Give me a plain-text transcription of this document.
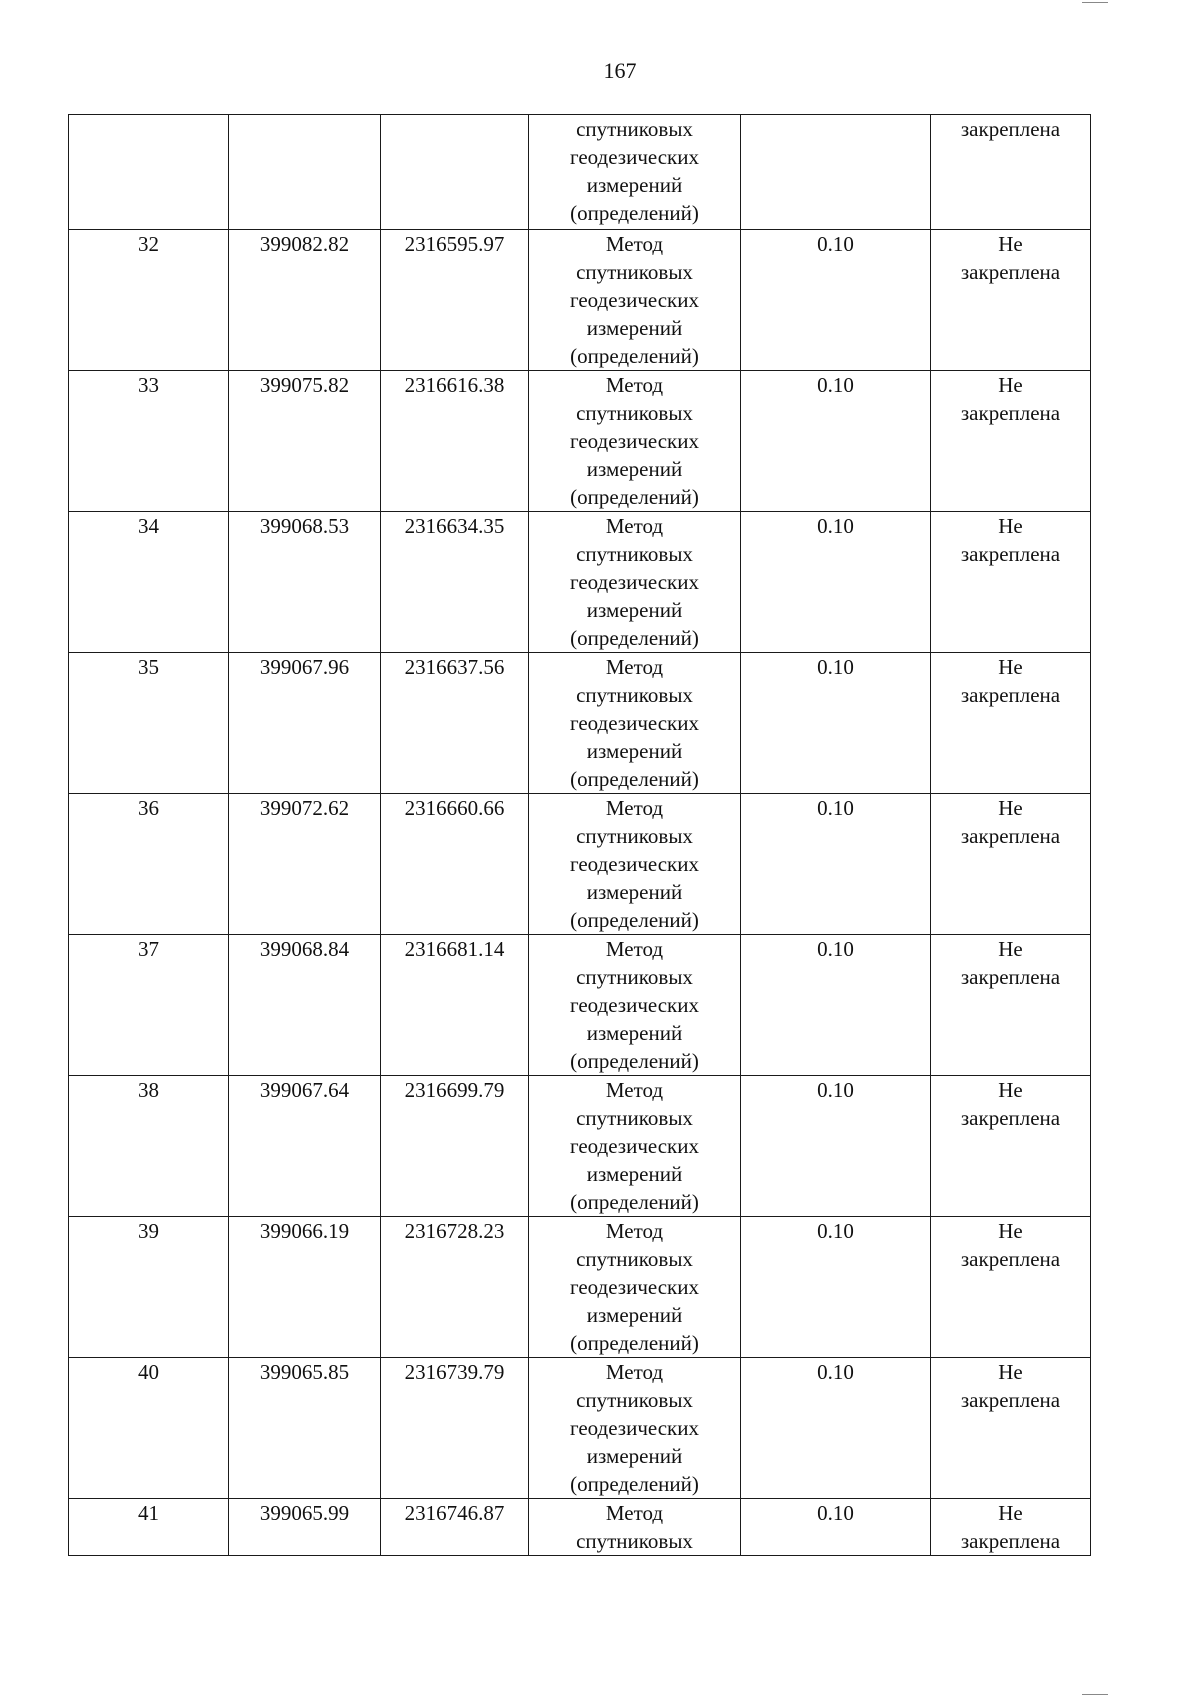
167

			спутниковых
геодезических
измерений
(определений)		закреплена
32	399082.82	2316595.97	Метод
спутниковых
геодезических
измерений
(определений)	0.10	Не
закреплена

33	399075.82	2316616.38	Метод
спутниковых
геодезических
измерений
(определений)	0.10	Не
закреплена

34	399068.53	2316634.35	Метод
спутниковых
геодезических
измерений
(определений)	0.10	Не
закреплена

35	399067.96	2316637.56	Метод
спутниковых
геодезических
измерений
(определений)	0.10	Не
закреплена

36	399072.62	2316660.66	Метод
спутниковых
геодезических
измерений
(определений)	0.10	Не
закреплена

37	399068.84	2316681.14	Метод
спутниковых
геодезических
измерений
(определений)	0.10	Не
закреплена

38	399067.64	2316699.79	Метод
спутниковых
геодезических
измерений
(определений)	0.10	Не
закреплена

39	399066.19	2316728.23	Метод
спутниковых
геодезических
измерений
(определений)	0.10	Не
закреплена

40	399065.85	2316739.79	Метод
спутниковых
геодезических
измерений
(определений)	0.10	Не
закреплена

41	399065.99	2316746.87	Метод
спутниковых	0.10	Не
закреплена
